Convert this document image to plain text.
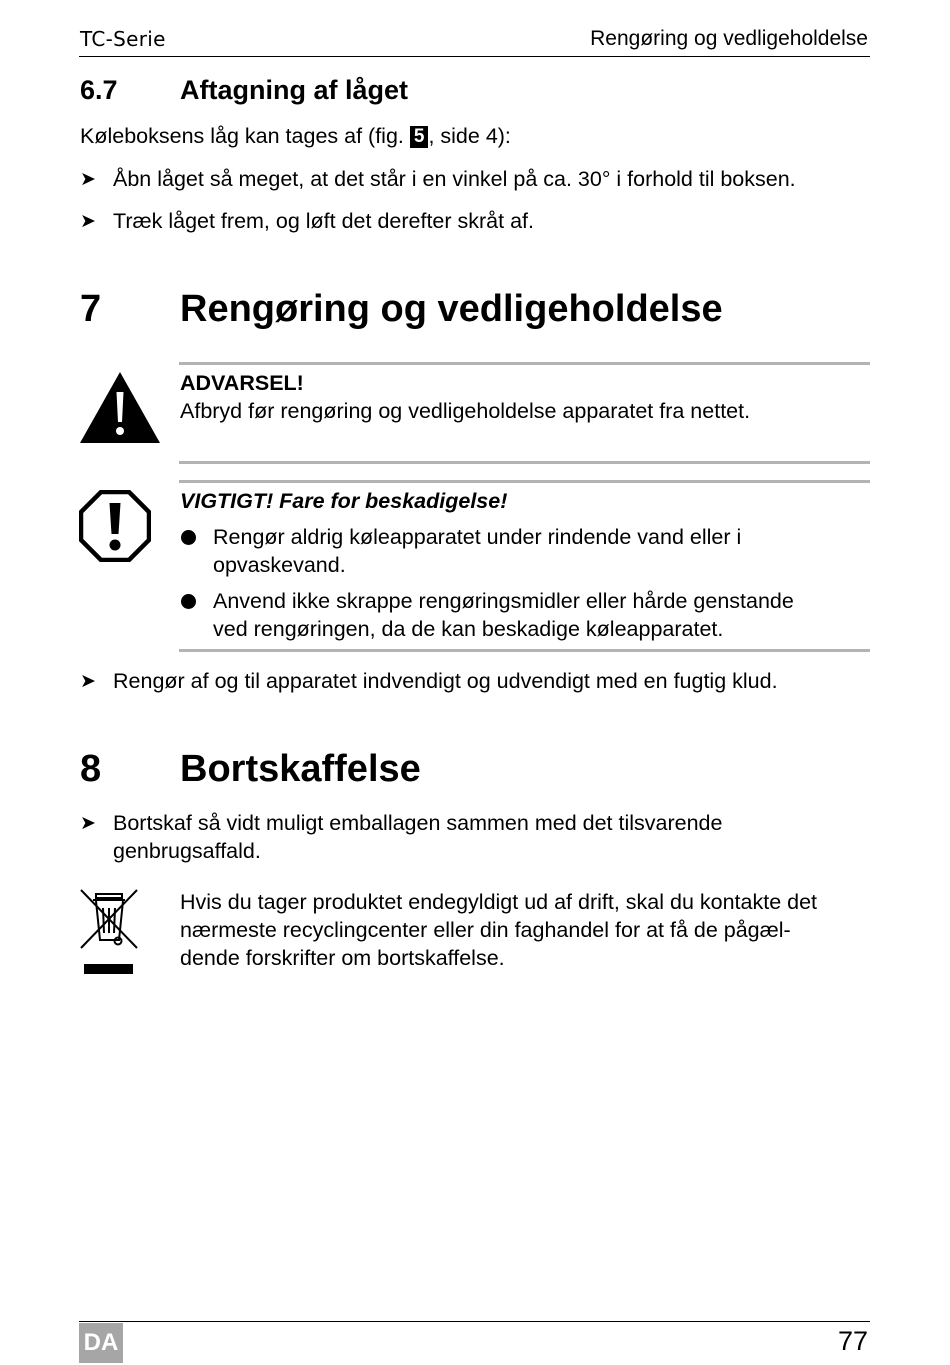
TC-Serie	Rengøring og vedligeholdelse
6.7 Aftagning af låget
Køleboksens låg kan tages af (fig. 5 , side 4):
➤ Åbn låget så meget, at det står i en vinkel på ca. 30° i forhold til boksen.
➤ Træk låget frem, og løft det derefter skråt af.
7 Rengøring og vedligeholdelse
ADVARSEL!
Afbryd før rengøring og vedligeholdelse apparatet fra nettet.
VIGTIGT! Fare for beskadigelse!
Rengør aldrig køleapparatet under rindende vand eller i
opvaskevand.
Anvend ikke skrappe rengøringsmidler eller hårde genstande
ved rengøringen, da de kan beskadige køleapparatet.
➤ Rengør af og til apparatet indvendigt og udvendigt med en fugtig klud.
8 Bortskaffelse
➤ Bortskaf så vidt muligt emballagen sammen med det tilsvarende
genbrugsaffald.
Hvis du tager produktet endegyldigt ud af drift, skal du kontakte det
nærmeste recyclingcenter eller din faghandel for at få de pågæl-
dende forskrifter om bortskaffelse.
DA	77
